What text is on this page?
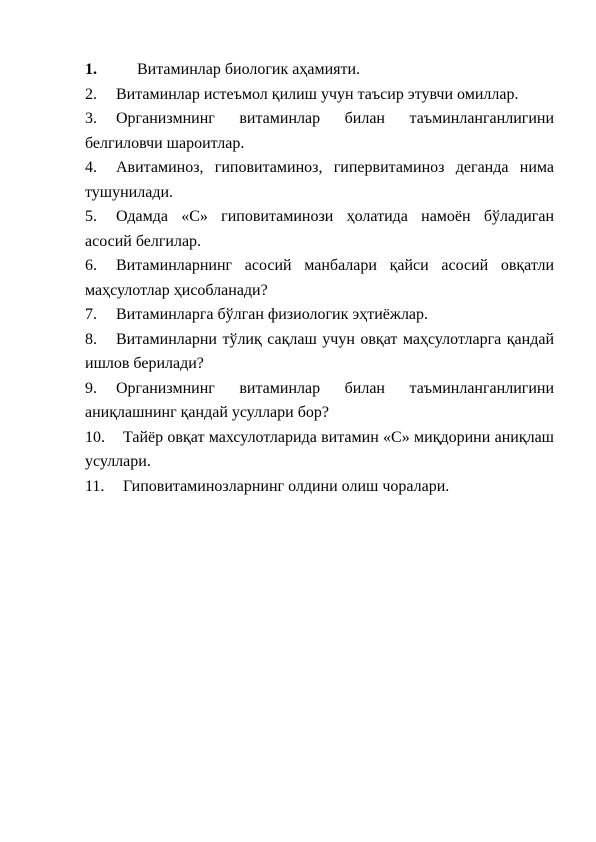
1.	Витаминлар биологик аҳамияти.

2. Витаминлар истеъмол қилиш учун таъсир этувчи омиллар.

3. Организмнинг витаминлар билан таъминланганлигини белгиловчи шароитлар.

4. Авитаминоз, гиповитаминоз, гипервитаминоз деганда нима тушунилади.

5. Одамда «С» гиповитаминози ҳолатида намоён бўладиган асосий белгилар.

6. Витаминларнинг асосий манбалари қайси асосий овқатли маҳсулотлар ҳисобланади?

7. Витаминларга бўлган физиологик эҳтиёжлар.

8. Витаминларни тўлиқ сақлаш учун овқат маҳсулотларга қандай ишлов берилади?

9. Организмнинг витаминлар билан таъминланганлигини аниқлашнинг қандай усуллари бор?

10. Тайёр овқат махсулотларида витамин «С» миқдорини аниқлаш усуллари.

11. Гиповитаминозларнинг олдини олиш чоралари.
